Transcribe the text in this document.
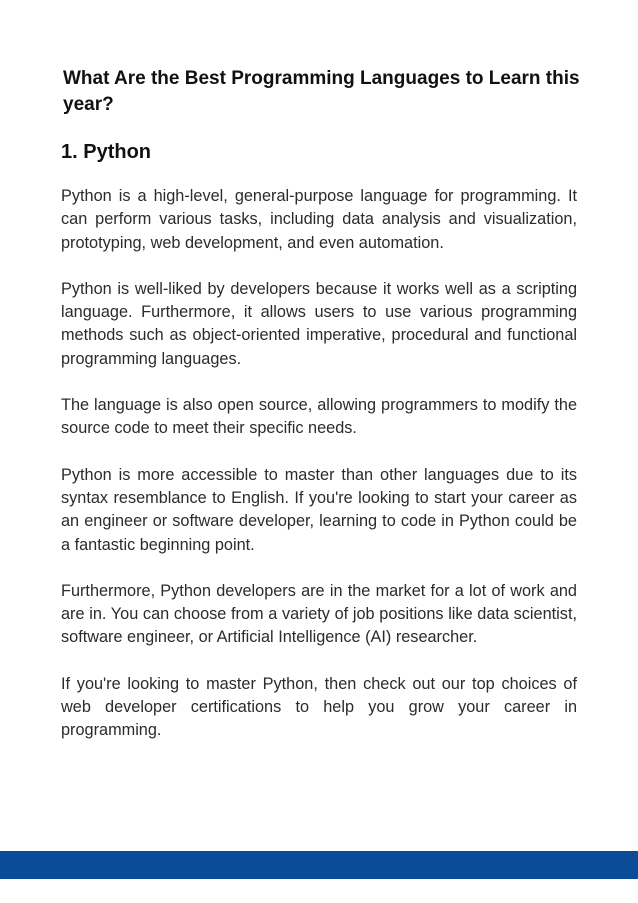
What Are the Best Programming Languages to Learn this year?
1. Python

Python is a high-level, general-purpose language for programming. It can perform various tasks, including data analysis and visualization, prototyping, web development, and even automation.

Python is well-liked by developers because it works well as a scripting language. Furthermore, it allows users to use various programming methods such as object-oriented imperative, procedural and functional programming languages.

The language is also open source, allowing programmers to modify the source code to meet their specific needs.

Python is more accessible to master than other languages due to its syntax resemblance to English. If you're looking to start your career as an engineer or software developer, learning to code in Python could be a fantastic beginning point.

Furthermore, Python developers are in the market for a lot of work and are in. You can choose from a variety of job positions like data scientist, software engineer, or Artificial Intelligence (AI) researcher.

If you're looking to master Python, then check out our top choices of web developer certifications to help you grow your career in programming.
